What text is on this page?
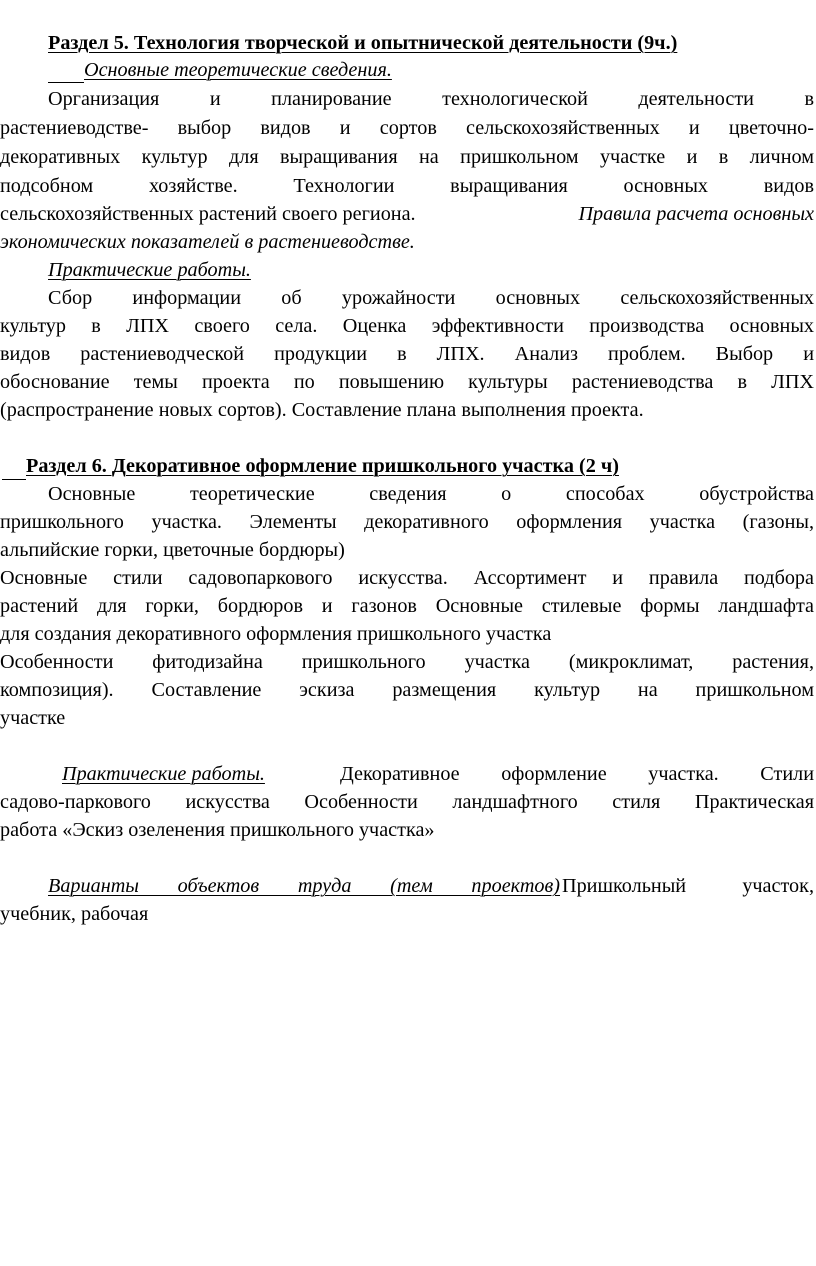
Раздел 5. Технология творческой и опытнической деятельности (9ч.)
Основные теоретические сведения.
Организация и планирование технологической деятельности в
растениеводстве- выбор видов и сортов сельскохозяйственных и цветочно-
декоративных культур для выращивания на пришкольном участке и в личном
подсобном хозяйстве. Технологии выращивания основных видов
сельскохозяйственных растений своего региона.	Правила расчета основных
экономических показателей в растениеводстве.
Практические работы.
Сбор информации об урожайности основных сельскохозяйственных
культур в ЛПХ своего села. Оценка эффективности производства основных
видов растениеводческой продукции в ЛПХ. Анализ проблем. Выбор и
обоснование темы проекта по повышению культуры растениеводства в ЛПХ
(распространение новых сортов). Составление плана выполнения проекта.
Раздел 6. Декоративное оформление пришкольного участка (2 ч)
Основные теоретические сведения о способах обустройства
пришкольного участка. Элементы декоративного оформления участка (газоны,
альпийские горки, цветочные бордюры)
Основные стили садовопаркового искусства. Ассортимент и правила подбора
растений для горки, бордюров и газонов Основные стилевые формы ландшафта
для создания декоративного оформления пришкольного участка
Особенности фитодизайна пришкольного участка (микроклимат, растения,
композиция). Составление эскиза размещения культур на пришкольном
участке
Практические работы.	Декоративное оформление участка. Стили
садово-паркового искусства Особенности ландшафтного стиля Практическая
работа «Эскиз озеленения пришкольного участка»
Варианты объектов труда (тем проектов) Пришкольный участок,
учебник, рабочая
